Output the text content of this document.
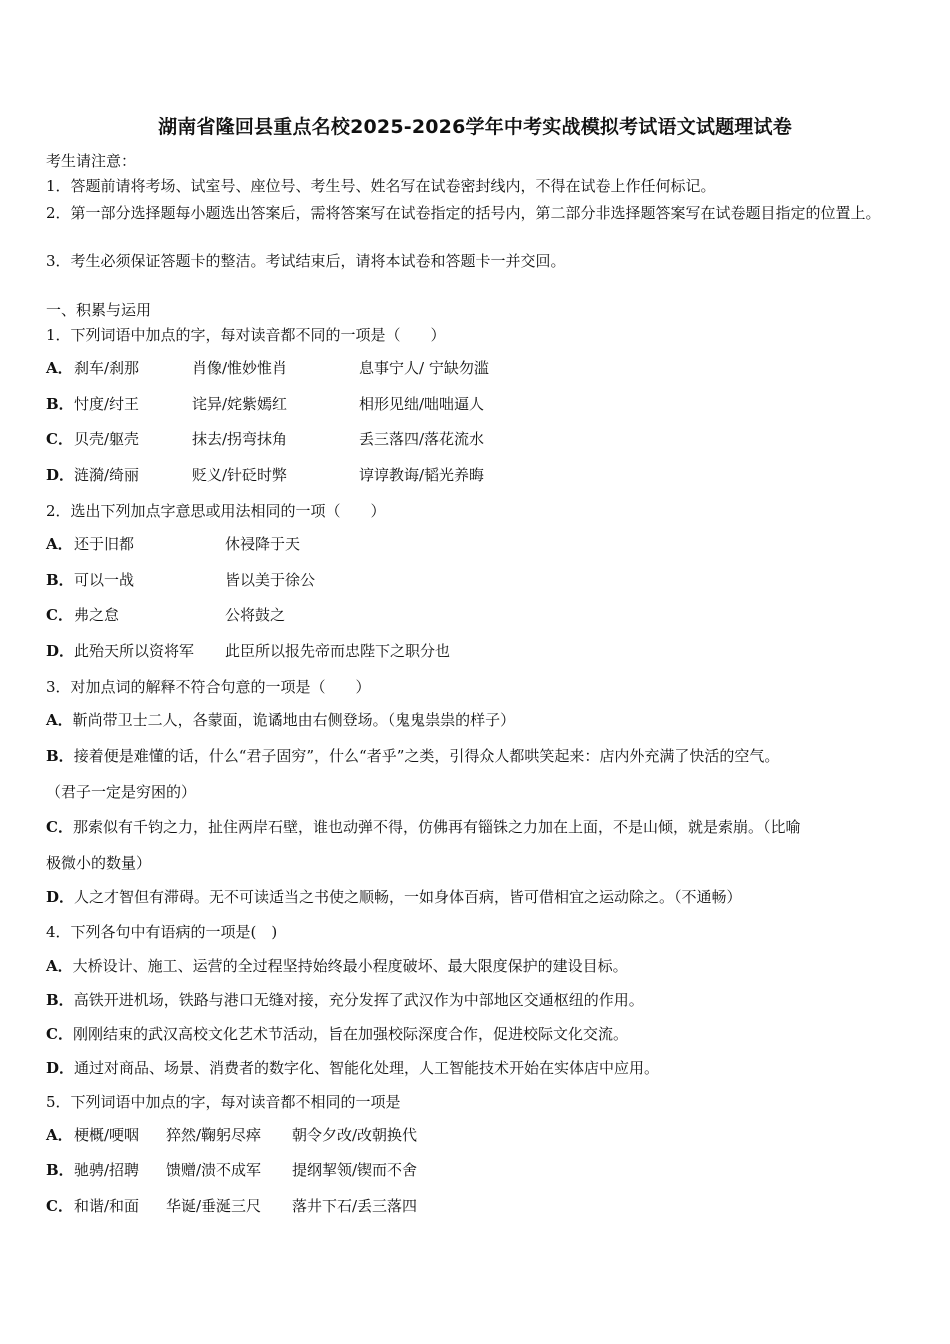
湖南省隆回县重点名校2025-2026学年中考实战模拟考试语文试题理试卷
考生请注意：
1．答题前请将考场、试室号、座位号、考生号、姓名写在试卷密封线内，不得在试卷上作任何标记。
2．第一部分选择题每小题选出答案后，需将答案写在试卷指定的括号内，第二部分非选择题答案写在试卷题目指定的位置上。
3．考生必须保证答题卡的整洁。考试结束后，请将本试卷和答题卡一并交回。
一、积累与运用
1．下列词语中加点的字，每对读音都不同的一项是（　　）
A． 刹车/刹那	肖像/惟妙惟肖	息事宁人/ 宁缺勿滥
B． 忖度/纣王	诧异/姹紫嫣红	相形见绌/咄咄逼人
C． 贝壳/躯壳	抹去/拐弯抹角	丢三落四/落花流水
D． 涟漪/绮丽	贬义/针砭时弊	谆谆教诲/韬光养晦
2．选出下列加点字意思或用法相同的一项（　　）
A． 还于旧都	休祲降于天
B． 可以一战	皆以美于徐公
C． 弗之怠	公将鼓之
D． 此殆天所以资将军 此臣所以报先帝而忠陛下之职分也
3．对加点词的解释不符合句意的一项是（　　）
A．靳尚带卫士二人，各蒙面，诡谲地由右侧登场。（鬼鬼祟祟的样子）
B．接着便是难懂的话，什么“君子固穷”，什么“者乎”之类，引得众人都哄笑起来：店内外充满了快活的空气。
（君子一定是穷困的）
C．那索似有千钧之力，扯住两岸石壁，谁也动弹不得，仿佛再有锱铢之力加在上面，不是山倾，就是索崩。（比喻
极微小的数量）
D．人之才智但有滞碍。无不可读适当之书使之顺畅，一如身体百病，皆可借相宜之运动除之。（不通畅）
4．下列各句中有语病的一项是(　)
A．大桥设计、施工、运营的全过程坚持始终最小程度破坏、最大限度保护的建设目标。
B．高铁开进机场，铁路与港口无缝对接，充分发挥了武汉作为中部地区交通枢纽的作用。
C．刚刚结束的武汉高校文化艺术节活动，旨在加强校际深度合作，促进校际文化交流。
D．通过对商品、场景、消费者的数字化、智能化处理，人工智能技术开始在实体店中应用。
5．下列词语中加点的字，每对读音都不相同的一项是
A． 梗概/哽咽 猝然/鞠躬尽瘁 朝令夕改/改朝换代
B． 驰骋/招聘 馈赠/溃不成军 提纲挈领/锲而不舍
C． 和谐/和面 华诞/垂涎三尺 落井下石/丢三落四
